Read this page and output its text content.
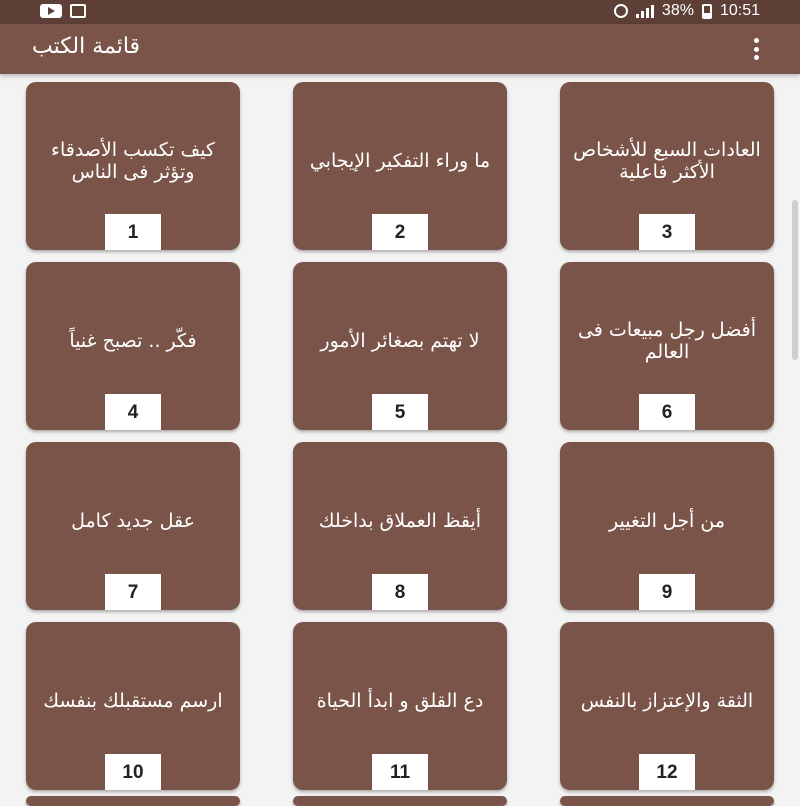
38% 10:51
قائمة الكتب
كيف تكسب الأصدقاء وتؤثر فى الناس
1
ما وراء التفكير الإيجابي
2
العادات السبع للأشخاص الأكثر فاعلية
3
فكّر .. تصبح غنياً
4
لا تهتم بصغائر الأمور
5
أفضل رجل مبيعات فى العالم
6
عقل جديد كامل
7
أيقظ العملاق بداخلك
8
من أجل التغيير
9
ارسم مستقبلك بنفسك
10
دع القلق و ابدأ الحياة
11
الثقة والإعتزاز بالنفس
12
